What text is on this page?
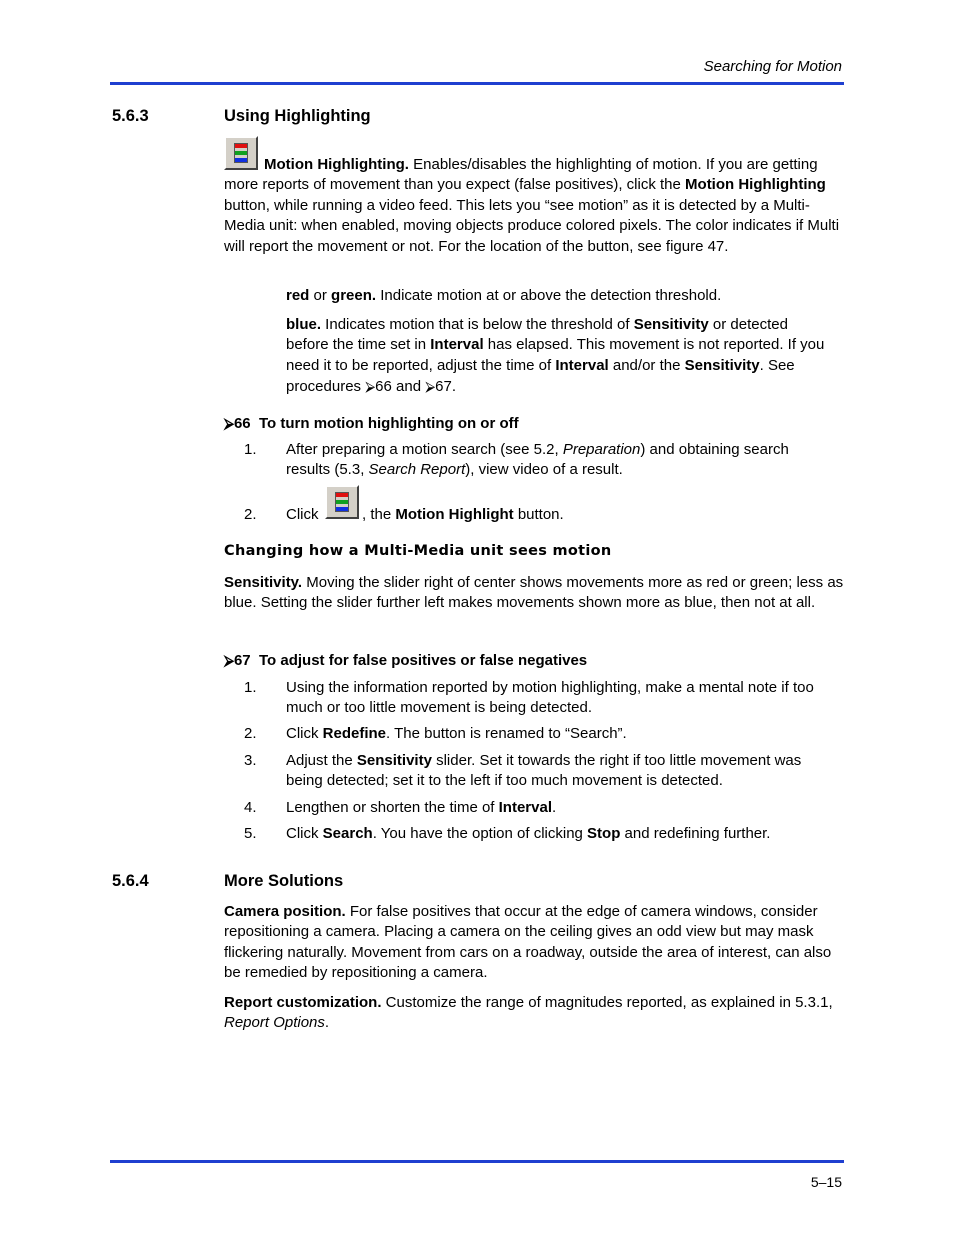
Searching for Motion
5.6.3	Using Highlighting
Motion Highlighting. Enables/disables the highlighting of motion. If you are getting more reports of movement than you expect (false positives), click the Motion Highlighting button, while running a video feed. This lets you “see motion” as it is detected by a Multi-Media unit: when enabled, moving objects produce colored pixels. The color indicates if Multi will report the movement or not. For the location of the button, see figure 47.
red or green. Indicate motion at or above the detection threshold.
blue. Indicates motion that is below the threshold of Sensitivity or detected before the time set in Interval has elapsed. This movement is not reported. If you need it to be reported, adjust the time of Interval and/or the Sensitivity. See procedures ⮚66 and ⮚67.
⮚66 To turn motion highlighting on or off
1. After preparing a motion search (see 5.2, Preparation) and obtaining search results (5.3, Search Report), view video of a result.
2. Click	, the Motion Highlight button.
Changing how a Multi-Media unit sees motion
Sensitivity. Moving the slider right of center shows movements more as red or green; less as blue. Setting the slider further left makes movements shown more as blue, then not at all.
⮚67 To adjust for false positives or false negatives
1. Using the information reported by motion highlighting, make a mental note if too much or too little movement is being detected.
2. Click Redefine. The button is renamed to “Search”.
3. Adjust the Sensitivity slider. Set it towards the right if too little movement was being detected; set it to the left if too much movement is detected.
4. Lengthen or shorten the time of Interval.
5. Click Search. You have the option of clicking Stop and redefining further.
5.6.4	More Solutions
Camera position. For false positives that occur at the edge of camera windows, consider repositioning a camera. Placing a camera on the ceiling gives an odd view but may mask flickering naturally. Movement from cars on a roadway, outside the area of interest, can also be remedied by repositioning a camera.
Report customization. Customize the range of magnitudes reported, as explained in 5.3.1, Report Options.
5–15
